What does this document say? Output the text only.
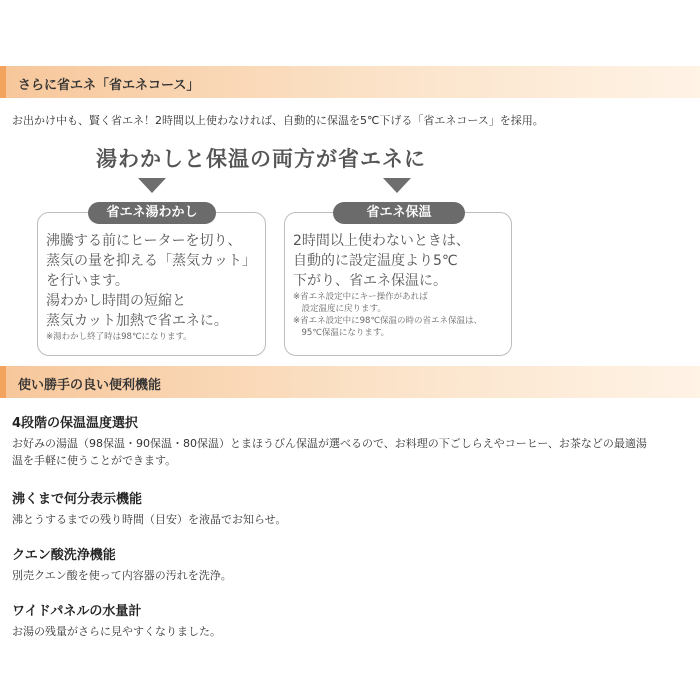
さらに省エネ「省エネコース」
お出かけ中も、賢く省エネ！2時間以上使わなければ、自動的に保温を5℃下げる「省エネコース」を採用。
湯わかしと保温の両方が省エネに
省エネ湯わかし
沸騰する前にヒーターを切り、
蒸気の量を抑える「蒸気カット」
を行います。
湯わかし時間の短縮と
蒸気カット加熱で省エネに。
※湯わかし終了時は98℃になります。
省エネ保温
2時間以上使わないときは、
自動的に設定温度より5℃
下がり、省エネ保温に。
※省エネ設定中にキー操作があれば
　設定温度に戻ります。
※省エネ設定中に98℃保温の時の省エネ保温は、
　95℃保温になります。
使い勝手の良い便利機能
4段階の保温温度選択
お好みの湯温（98保温・90保温・80保温）とまほうびん保温が選べるので、お料理の下ごしらえやコーヒー、お茶などの最適湯
温を手軽に使うことができます。
沸くまで何分表示機能
沸とうするまでの残り時間（目安）を液晶でお知らせ。
クエン酸洗浄機能
別売クエン酸を使って内容器の汚れを洗浄。
ワイドパネルの水量計
お湯の残量がさらに見やすくなりました。
